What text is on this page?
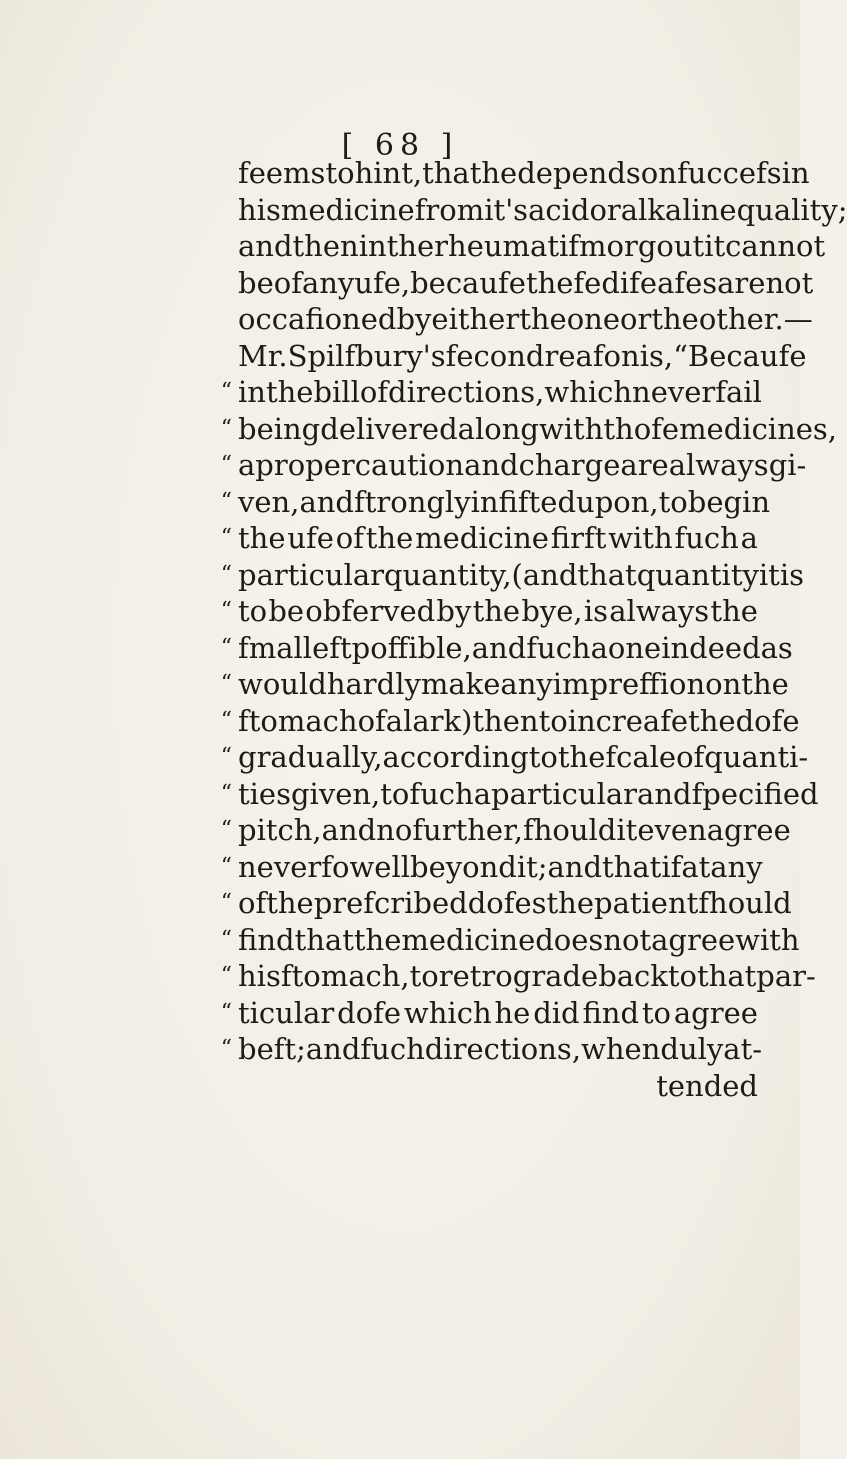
[ 68 ]
feems to hint, that he depends on fuccefs in
his medicine from it's acid or alkaline quality;
and then in the rheumatifm or gout it cannot
be of any ufe, becaufe thefe difeafes are not
occafioned by either the one or the other.—
Mr. Spilfbury's fecond reafon is, “ Becaufe
“ in the bill of directions, which never fail
“ being delivered along with thofe medicines,
“ a proper caution and charge are always gi-
“ ven, and ftrongly infifted upon, to begin
“ the ufe of the medicine firft with fuch a
“ particular quantity, (and that quantity it is
“ to be obferved by the bye, is always the
“ fmalleft poffible, and fuch a one indeed as
“ would hardly make any impreffion on the
“ ftomach of a lark) then to increafe the dofe
“ gradually, according to the fcale of quanti-
“ ties given, to fuch a particular and fpecified
“ pitch, and no further, fhould it even agree
“ never fo well beyond it; and that if at any
“ of the prefcribed dofes the patient fhould
“ find that the medicine does not agree with
“ his ftomach, to retrograde back to that par-
“ ticular dofe which he did find to agree
“ beft; and fuch directions, when duly at-
tended
